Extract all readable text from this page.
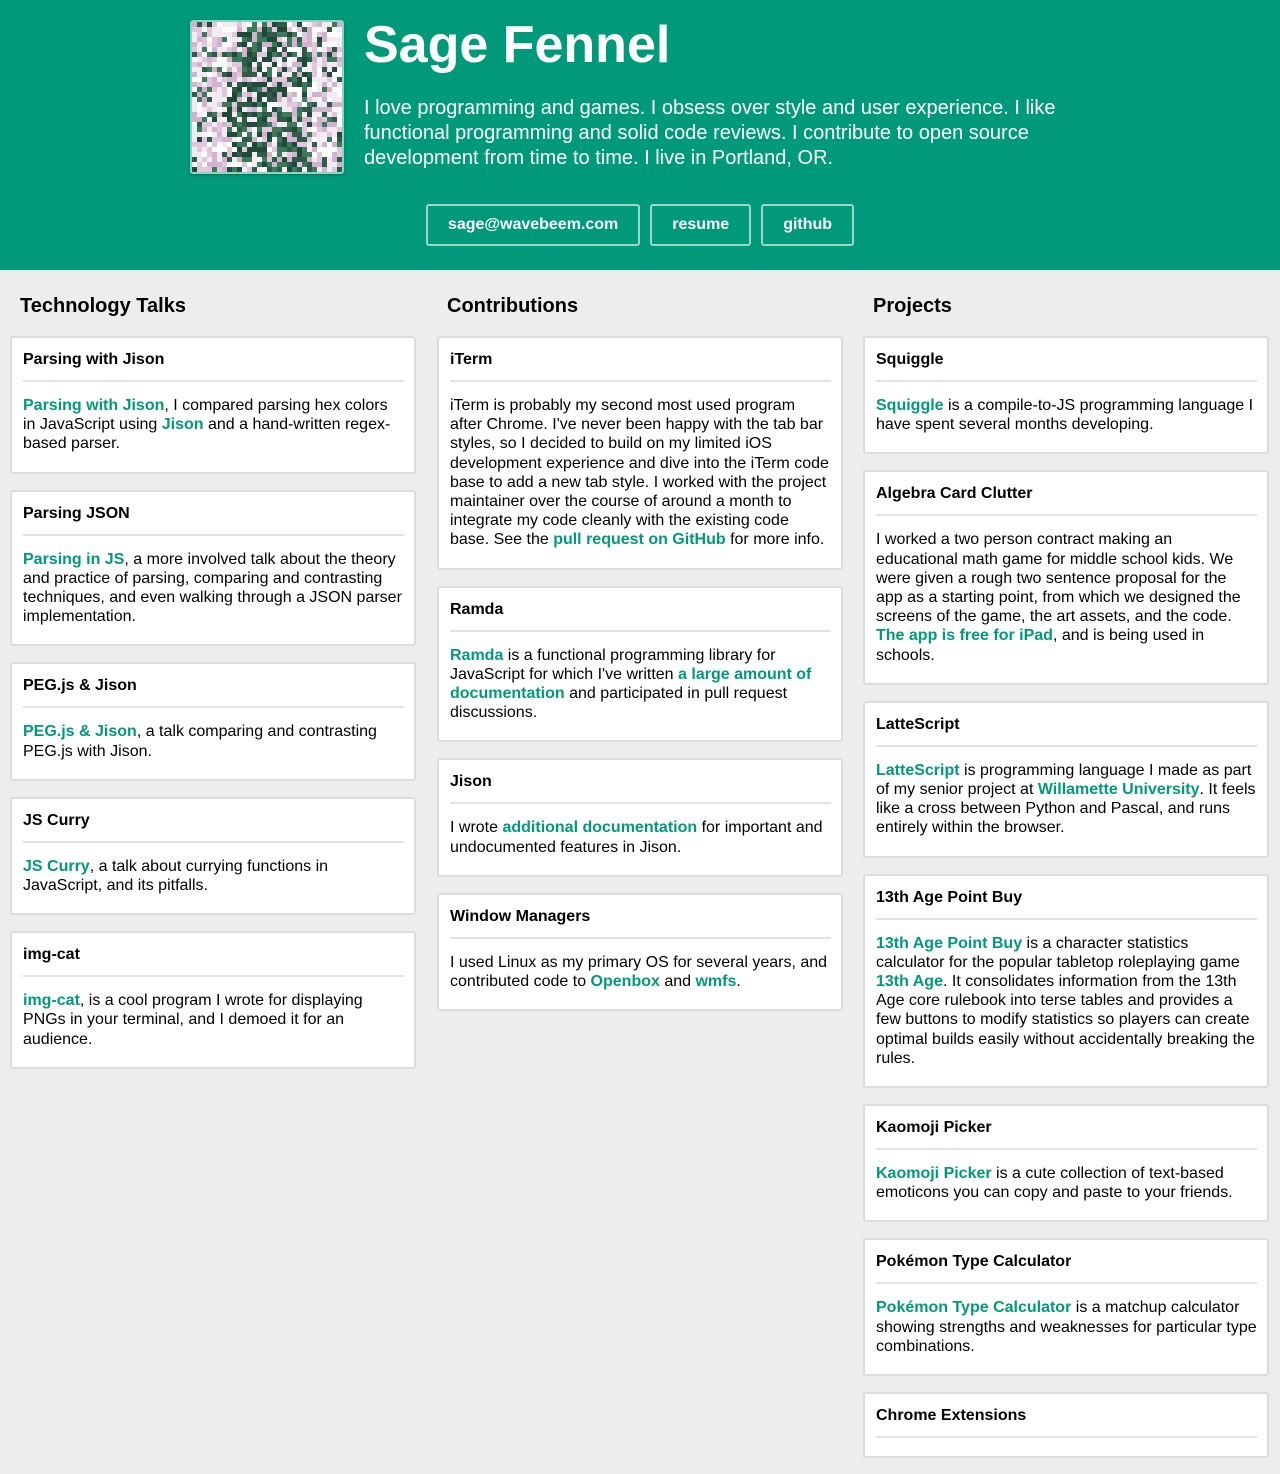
Sage Fennel

I love programming and games. I obsess over style and user experience. I like functional programming and solid code reviews. I contribute to open source development from time to time. I live in Portland, OR.

sage@wavebeem.com	resume	github
Technology Talks
Parsing with Jison

Parsing with Jison, I compared parsing hex colors in JavaScript using Jison and a hand-written regex-based parser.

Parsing JSON

Parsing in JS, a more involved talk about the theory and practice of parsing, comparing and contrasting techniques, and even walking through a JSON parser implementation.

PEG.js & Jison

PEG.js & Jison, a talk comparing and contrasting PEG.js with Jison.

JS Curry

JS Curry, a talk about currying functions in JavaScript, and its pitfalls.

img-cat

img-cat, is a cool program I wrote for displaying PNGs in your terminal, and I demoed it for an audience.

Contributions
iTerm

iTerm is probably my second most used program after Chrome. I've never been happy with the tab bar styles, so I decided to build on my limited iOS development experience and dive into the iTerm code base to add a new tab style. I worked with the project maintainer over the course of around a month to integrate my code cleanly with the existing code base. See the pull request on GitHub for more info.

Ramda

Ramda is a functional programming library for JavaScript for which I've written a large amount of documentation and participated in pull request discussions.

Jison

I wrote additional documentation for important and undocumented features in Jison.

Window Managers

I used Linux as my primary OS for several years, and contributed code to Openbox and wmfs.

Projects
Squiggle

Squiggle is a compile-to-JS programming language I have spent several months developing.

Algebra Card Clutter

I worked a two person contract making an educational math game for middle school kids. We were given a rough two sentence proposal for the app as a starting point, from which we designed the screens of the game, the art assets, and the code. The app is free for iPad, and is being used in schools.

LatteScript

LatteScript is programming language I made as part of my senior project at Willamette University. It feels like a cross between Python and Pascal, and runs entirely within the browser.

13th Age Point Buy

13th Age Point Buy is a character statistics calculator for the popular tabletop roleplaying game 13th Age. It consolidates information from the 13th Age core rulebook into terse tables and provides a few buttons to modify statistics so players can create optimal builds easily without accidentally breaking the rules.

Kaomoji Picker

Kaomoji Picker is a cute collection of text-based emoticons you can copy and paste to your friends.

Pokémon Type Calculator

Pokémon Type Calculator is a matchup calculator showing strengths and weaknesses for particular type combinations.

Chrome Extensions
